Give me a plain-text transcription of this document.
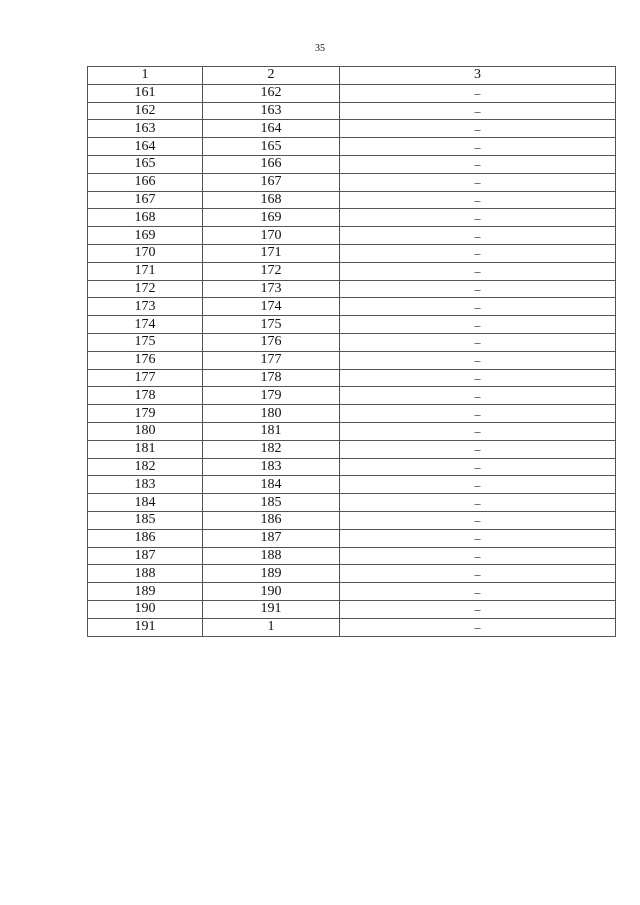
35
1	2	3
161	162	–
162	163	–
163	164	–
164	165	–
165	166	–
166	167	–
167	168	–
168	169	–
169	170	–
170	171	–
171	172	–
172	173	–
173	174	–
174	175	–
175	176	–
176	177	–
177	178	–
178	179	–
179	180	–
180	181	–
181	182	–
182	183	–
183	184	–
184	185	–
185	186	–
186	187	–
187	188	–
188	189	–
189	190	–
190	191	–
191	1	–
